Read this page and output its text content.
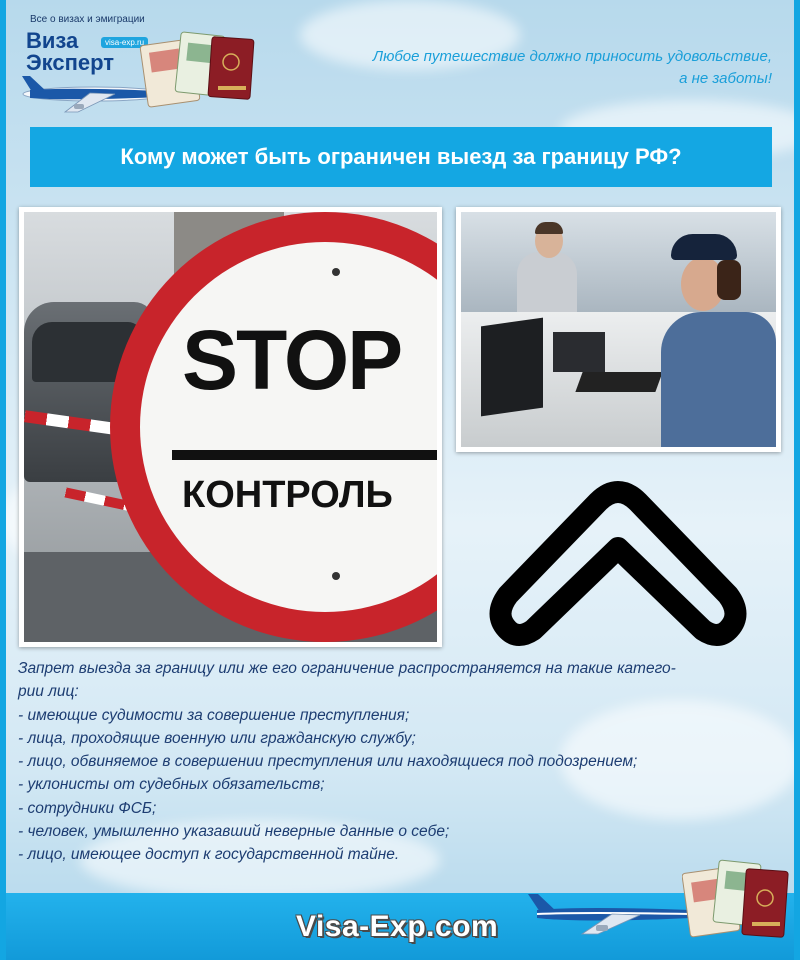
Все о визах и эмиграции
Виза
Эксперт
visa-exp.ru
Любое путешествие должно приносить удовольствие,
а не заботы!
Кому может быть ограничен выезд за границу РФ?
STOP
КОНТРОЛЬ

Запрет выезда за границу или же его ограничение распространяется на такие катего-

рии лиц:

- имеющие судимости за совершение преступления;

- лица, проходящие военную или гражданскую службу;

- лицо, обвиняемое в совершении преступления или находящиеся под подозрением;

- уклонисты от судебных обязательств;

- сотрудники ФСБ;

- человек, умышленно указавший неверные данные о себе;

- лицо, имеющее доступ к государственной тайне.

Visa-Exp.com
